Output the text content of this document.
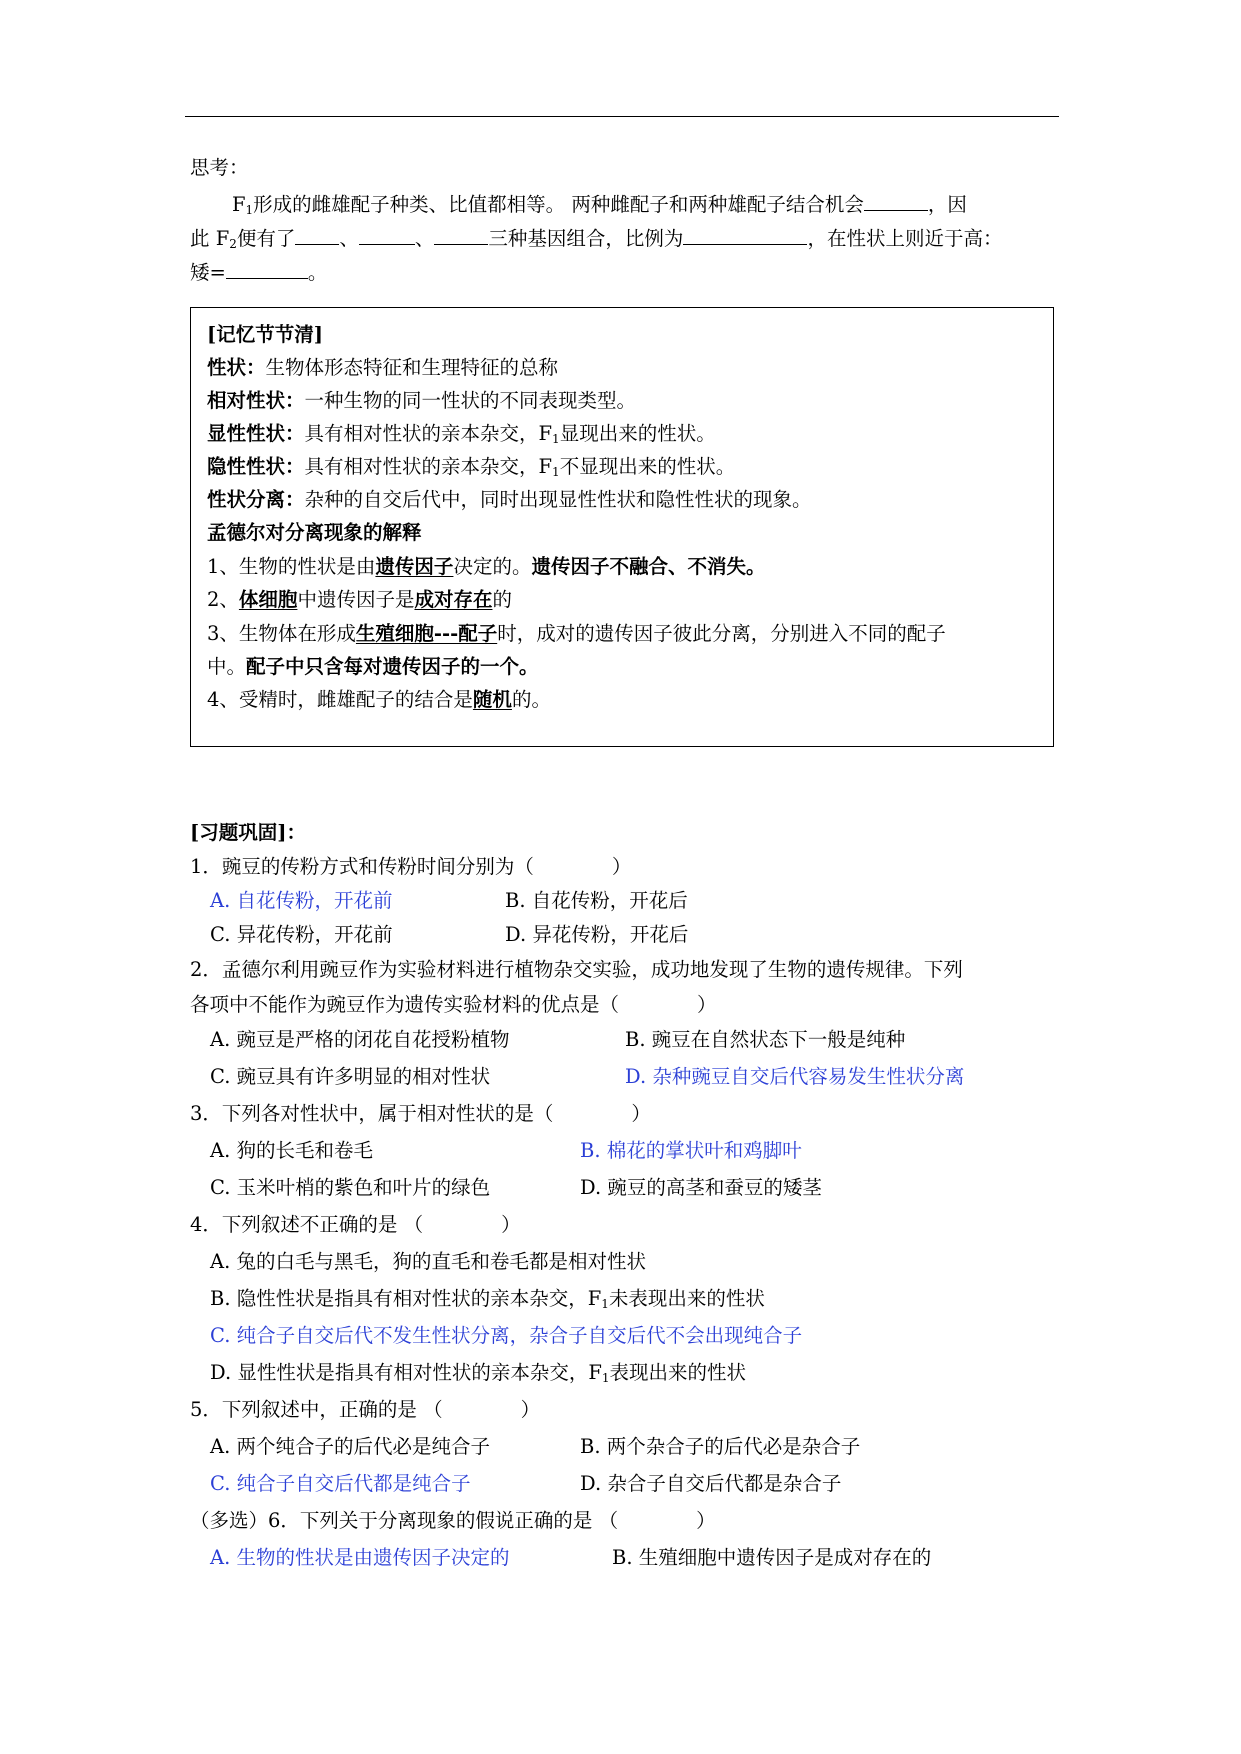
思考：
$F_1$形成的雌雄配子种类、比值都相等。 两种雌配子和两种雄配子结合机会	，因
此 $F_2$便有了 、	、	三种基因组合，比例为	，在性状上则近于高：
矮=	。
[记忆节节清]
性状：生物体形态特征和生理特征的总称
相对性状：一种生物的同一性状的不同表现类型。
显性性状：具有相对性状的亲本杂交，$F_1$显现出来的性状。
隐性性状：具有相对性状的亲本杂交，$F_1$不显现出来的性状。
性状分离：杂种的自交后代中，同时出现显性性状和隐性性状的现象。
孟德尔对分离现象的解释
1、生物的性状是由遗传因子决定的。遗传因子不融合、不消失。
2、体细胞中遗传因子是成对存在的
3、生物体在形成生殖细胞---配子时，成对的遗传因子彼此分离，分别进入不同的配子
中。配子中只含每对遗传因子的一个。
4、受精时，雌雄配子的结合是随机的。
[习题巩固]：
1．豌豆的传粉方式和传粉时间分别为（　　　　）
A. 自花传粉，开花前	B. 自花传粉，开花后
C. 异花传粉，开花前	D. 异花传粉，开花后
2．孟德尔利用豌豆作为实验材料进行植物杂交实验，成功地发现了生物的遗传规律。下列
各项中不能作为豌豆作为遗传实验材料的优点是（　　　　）
A. 豌豆是严格的闭花自花授粉植物	B. 豌豆在自然状态下一般是纯种
C. 豌豆具有许多明显的相对性状	D. 杂种豌豆自交后代容易发生性状分离
3．下列各对性状中，属于相对性状的是（　　　　）
A. 狗的长毛和卷毛	B. 棉花的掌状叶和鸡脚叶
C. 玉米叶梢的紫色和叶片的绿色	D. 豌豆的高茎和蚕豆的矮茎
4．下列叙述不正确的是 （　　　　）
A. 兔的白毛与黑毛，狗的直毛和卷毛都是相对性状
B. 隐性性状是指具有相对性状的亲本杂交，$F_1$未表现出来的性状
C. 纯合子自交后代不发生性状分离，杂合子自交后代不会出现纯合子
D. 显性性状是指具有相对性状的亲本杂交，$F_1$表现出来的性状
5．下列叙述中，正确的是 （　　　　）
A. 两个纯合子的后代必是纯合子	B. 两个杂合子的后代必是杂合子
C. 纯合子自交后代都是纯合子	D. 杂合子自交后代都是杂合子
（多选）6．下列关于分离现象的假说正确的是 （　　　　）
A. 生物的性状是由遗传因子决定的	B. 生殖细胞中遗传因子是成对存在的
